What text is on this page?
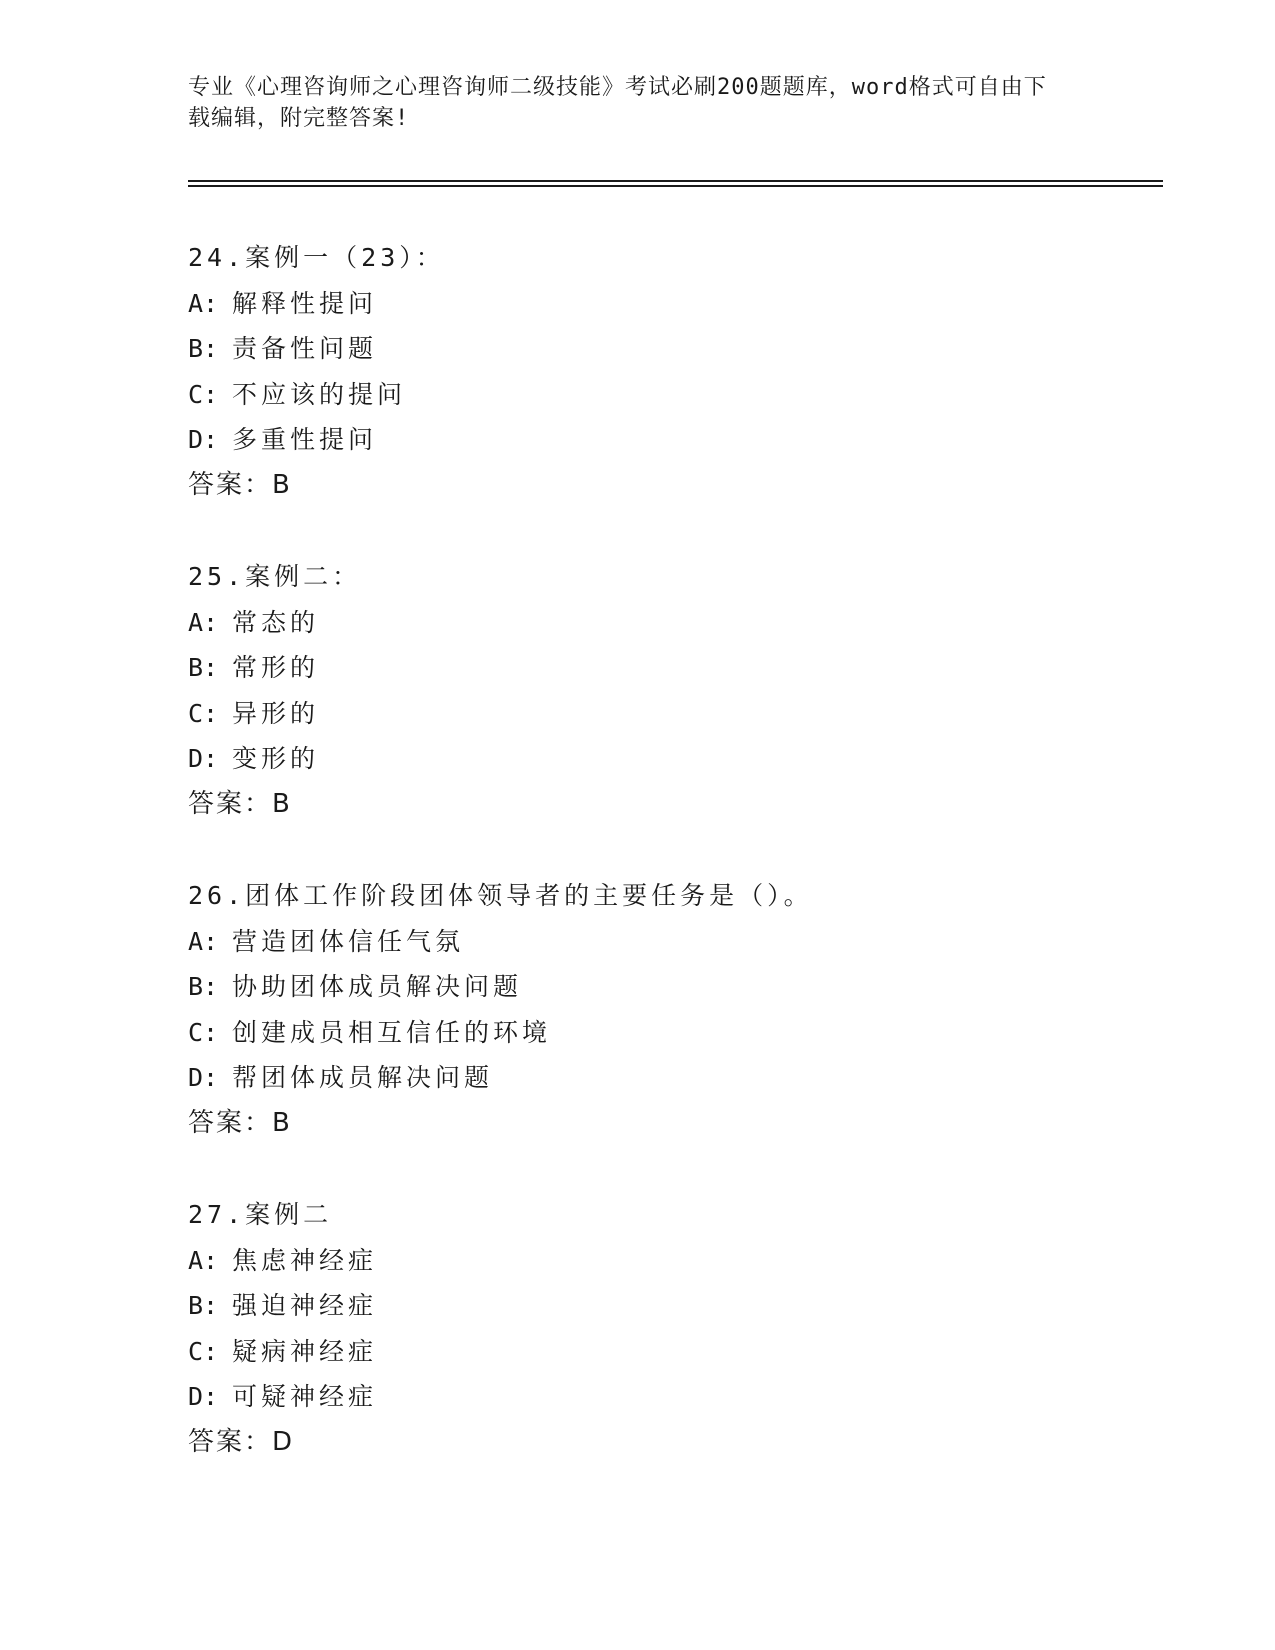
专业《心理咨询师之心理咨询师二级技能》考试必刷200题题库，word格式可自由下载编辑，附完整答案!

24.案例一（23）：
A: 解释性提问
B: 责备性问题
C: 不应该的提问
D: 多重性提问
答案：B
25.案例二：
A: 常态的
B: 常形的
C: 异形的
D: 变形的
答案：B
26.团体工作阶段团体领导者的主要任务是（）。
A: 营造团体信任气氛
B: 协助团体成员解决问题
C: 创建成员相互信任的环境
D: 帮团体成员解决问题
答案：B
27.案例二
A: 焦虑神经症
B: 强迫神经症
C: 疑病神经症
D: 可疑神经症
答案：D
